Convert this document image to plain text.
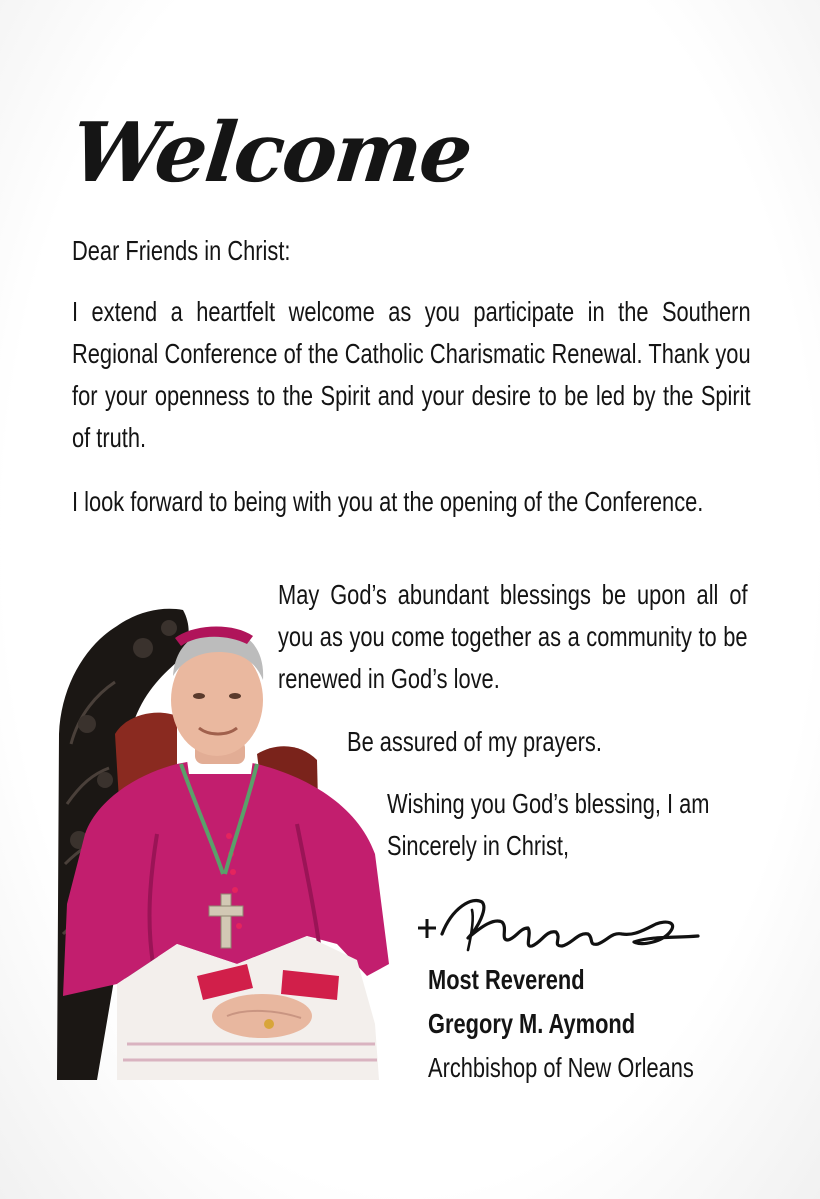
Welcome
Dear Friends in Christ:
I extend a heartfelt welcome as you participate in the Southern Regional Conference of the Catholic Charismatic Renewal. Thank you for your openness to the Spirit and your desire to be led by the Spirit of truth.
I look forward to being with you at the opening of the Conference.
May God’s abundant blessings be upon all of you as you come together as a community to be renewed in God’s love.
Be assured of my prayers.
Wishing you God’s blessing, I am
Sincerely in Christ,
Most Reverend
Gregory M. Aymond
Archbishop of New Orleans
